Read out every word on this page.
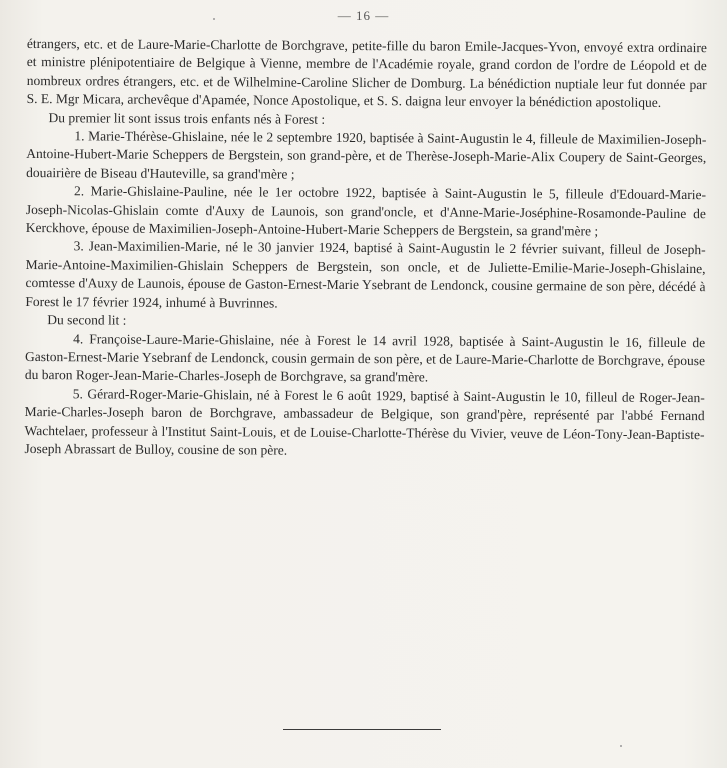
— 16 —

étrangers, etc. et de Laure-Marie-Charlotte de Borchgrave, petite-fille du baron Emile-Jacques-Yvon, envoyé extra ordinaire et ministre plénipotentiaire de Belgique à Vienne, membre de l'Académie royale, grand cordon de l'ordre de Léopold et de nombreux ordres étrangers, etc. et de Wilhelmine-Caroline Slicher de Domburg. La bénédiction nuptiale leur fut donnée par S. E. Mgr Micara, archevêque d'Apamée, Nonce Apostolique, et S. S. daigna leur envoyer la bénédiction apostolique.

Du premier lit sont issus trois enfants nés à Forest :

1. Marie-Thérèse-Ghislaine, née le 2 septembre 1920, baptisée à Saint-Augustin le 4, filleule de Maximilien-Joseph-Antoine-Hubert-Marie Scheppers de Bergstein, son grand-père, et de Therèse-Joseph-Marie-Alix Coupery de Saint-Georges, douairière de Biseau d'Hauteville, sa grand'mère ;

2. Marie-Ghislaine-Pauline, née le 1er octobre 1922, baptisée à Saint-Augustin le 5, filleule d'Edouard-Marie-Joseph-Nicolas-Ghislain comte d'Auxy de Launois, son grand'oncle, et d'Anne-Marie-Joséphine-Rosamonde-Pauline de Kerckhove, épouse de Maximilien-Joseph-Antoine-Hubert-Marie Scheppers de Bergstein, sa grand'mère ;

3. Jean-Maximilien-Marie, né le 30 janvier 1924, baptisé à Saint-Augustin le 2 février suivant, filleul de Joseph-Marie-Antoine-Maximilien-Ghislain Scheppers de Bergstein, son oncle, et de Juliette-Emilie-Marie-Joseph-Ghislaine, comtesse d'Auxy de Launois, épouse de Gaston-Ernest-Marie Ysebrant de Lendonck, cousine germaine de son père, décédé à Forest le 17 février 1924, inhumé à Buvrinnes.

Du second lit :

4. Françoise-Laure-Marie-Ghislaine, née à Forest le 14 avril 1928, baptisée à Saint-Augustin le 16, filleule de Gaston-Ernest-Marie Ysebranf de Lendonck, cousin germain de son père, et de Laure-Marie-Charlotte de Borchgrave, épouse du baron Roger-Jean-Marie-Charles-Joseph de Borchgrave, sa grand'mère.

5. Gérard-Roger-Marie-Ghislain, né à Forest le 6 août 1929, baptisé à Saint-Augustin le 10, filleul de Roger-Jean-Marie-Charles-Joseph baron de Borchgrave, ambassadeur de Belgique, son grand'père, représenté par l'abbé Fernand Wachtelaer, professeur à l'Institut Saint-Louis, et de Louise-Charlotte-Thérèse du Vivier, veuve de Léon-Tony-Jean-Baptiste-Joseph Abrassart de Bulloy, cousine de son père.
